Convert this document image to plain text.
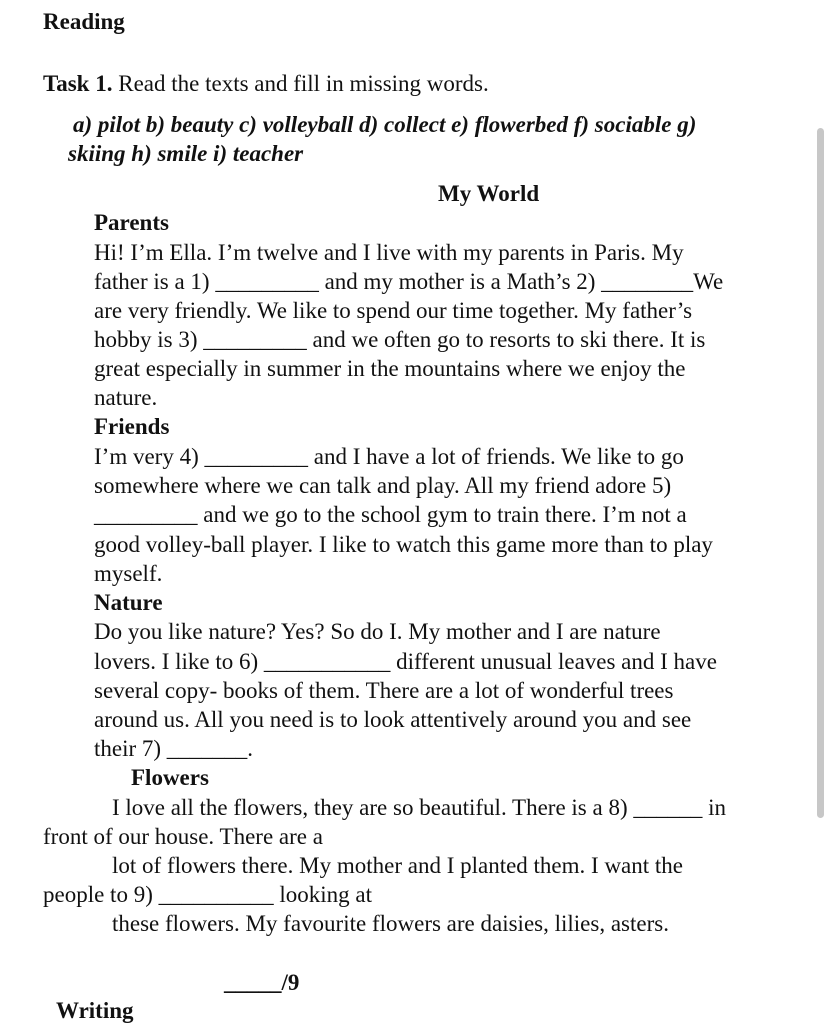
Reading
Task 1. Read the texts and fill in missing words.
a) pilot b) beauty c) volleyball d) collect e) flowerbed f) sociable g)
skiing h) smile i) teacher
My World
Parents
Hi! I’m Ella. I’m twelve and I live with my parents in Paris. My
father is a 1) _________ and my mother is a Math’s 2) ________We
are very friendly. We like to spend our time together. My father’s
hobby is 3) _________ and we often go to resorts to ski there. It is
great especially in summer in the mountains where we enjoy the
nature.
Friends
I’m very 4) _________ and I have a lot of friends. We like to go
somewhere where we can talk and play. All my friend adore 5)
_________ and we go to the school gym to train there. I’m not a
good volley-ball player. I like to watch this game more than to play
myself.
Nature
Do you like nature? Yes? So do I. My mother and I are nature
lovers. I like to 6) ___________ different unusual leaves and I have
several copy- books of them. There are a lot of wonderful trees
around us. All you need is to look attentively around you and see
their 7) _______.
Flowers
I love all the flowers, they are so beautiful. There is a 8) ______ in
front of our house. There are a
lot of flowers there. My mother and I planted them. I want the
people to 9) __________ looking at
these flowers. My favourite flowers are daisies, lilies, asters.
_____/9
Writing
